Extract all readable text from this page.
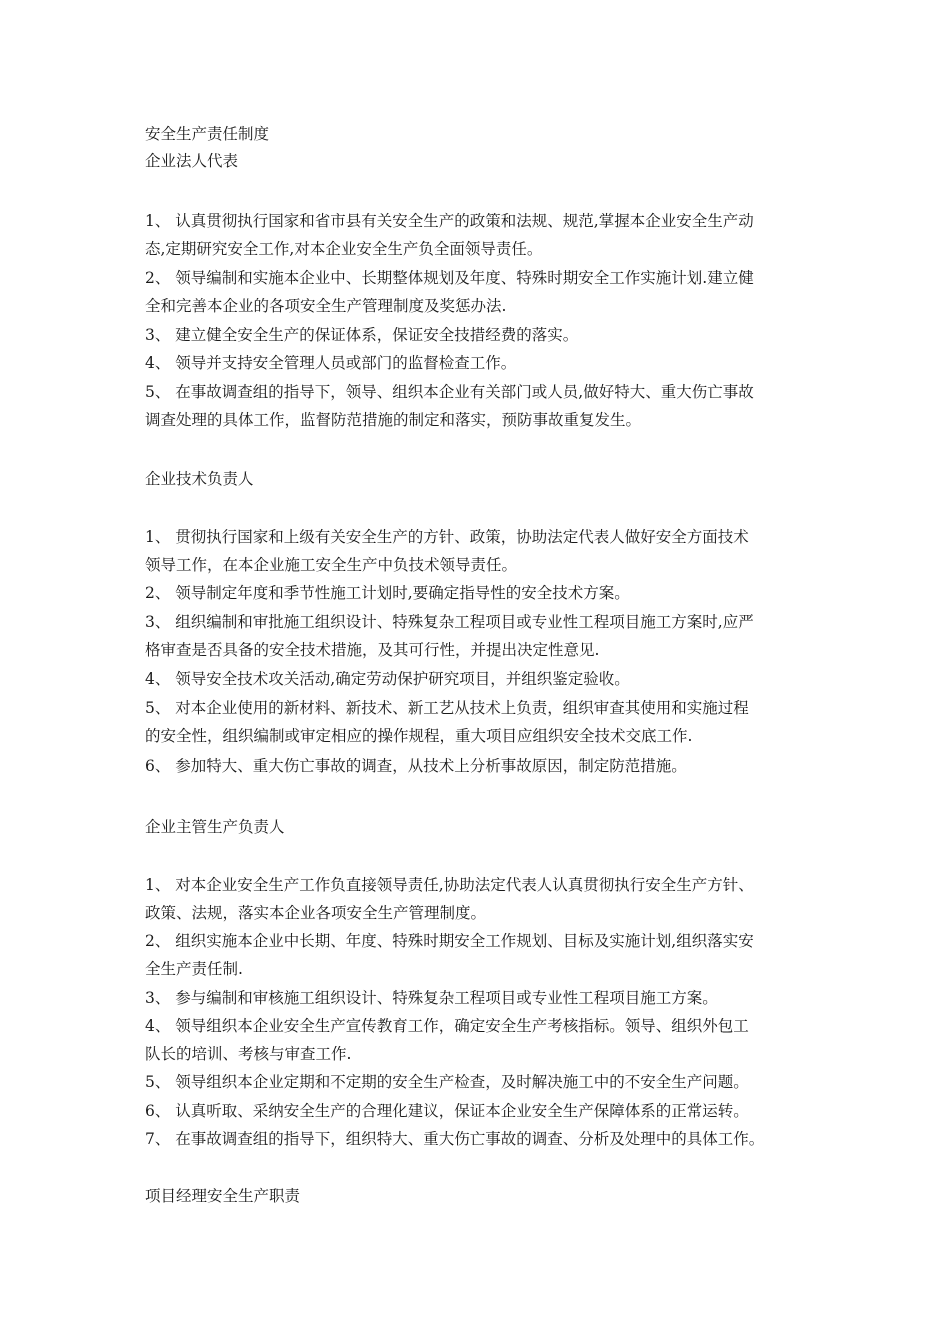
安全生产责任制度
企业法人代表
1、 认真贯彻执行国家和省市县有关安全生产的政策和法规、规范,掌握本企业安全生产动
态,定期研究安全工作,对本企业安全生产负全面领导责任。
2、 领导编制和实施本企业中、长期整体规划及年度、特殊时期安全工作实施计划.建立健
全和完善本企业的各项安全生产管理制度及奖惩办法.
3、 建立健全安全生产的保证体系，保证安全技措经费的落实。
4、 领导并支持安全管理人员或部门的监督检查工作。
5、 在事故调查组的指导下，领导、组织本企业有关部门或人员,做好特大、重大伤亡事故
调查处理的具体工作，监督防范措施的制定和落实，预防事故重复发生。
企业技术负责人
1、 贯彻执行国家和上级有关安全生产的方针、政策，协助法定代表人做好安全方面技术
领导工作，在本企业施工安全生产中负技术领导责任。
2、 领导制定年度和季节性施工计划时,要确定指导性的安全技术方案。
3、 组织编制和审批施工组织设计、特殊复杂工程项目或专业性工程项目施工方案时,应严
格审查是否具备的安全技术措施，及其可行性，并提出决定性意见.
4、 领导安全技术攻关活动,确定劳动保护研究项目，并组织鉴定验收。
5、 对本企业使用的新材料、新技术、新工艺从技术上负责，组织审查其使用和实施过程
的安全性，组织编制或审定相应的操作规程，重大项目应组织安全技术交底工作.
6、 参加特大、重大伤亡事故的调查，从技术上分析事故原因，制定防范措施。
企业主管生产负责人
1、 对本企业安全生产工作负直接领导责任,协助法定代表人认真贯彻执行安全生产方针、
政策、法规，落实本企业各项安全生产管理制度。
2、 组织实施本企业中长期、年度、特殊时期安全工作规划、目标及实施计划,组织落实安
全生产责任制.
3、 参与编制和审核施工组织设计、特殊复杂工程项目或专业性工程项目施工方案。
4、 领导组织本企业安全生产宣传教育工作，确定安全生产考核指标。领导、组织外包工
队长的培训、考核与审查工作.
5、 领导组织本企业定期和不定期的安全生产检查，及时解决施工中的不安全生产问题。
6、 认真听取、采纳安全生产的合理化建议，保证本企业安全生产保障体系的正常运转。
7、 在事故调查组的指导下，组织特大、重大伤亡事故的调查、分析及处理中的具体工作。
项目经理安全生产职责
